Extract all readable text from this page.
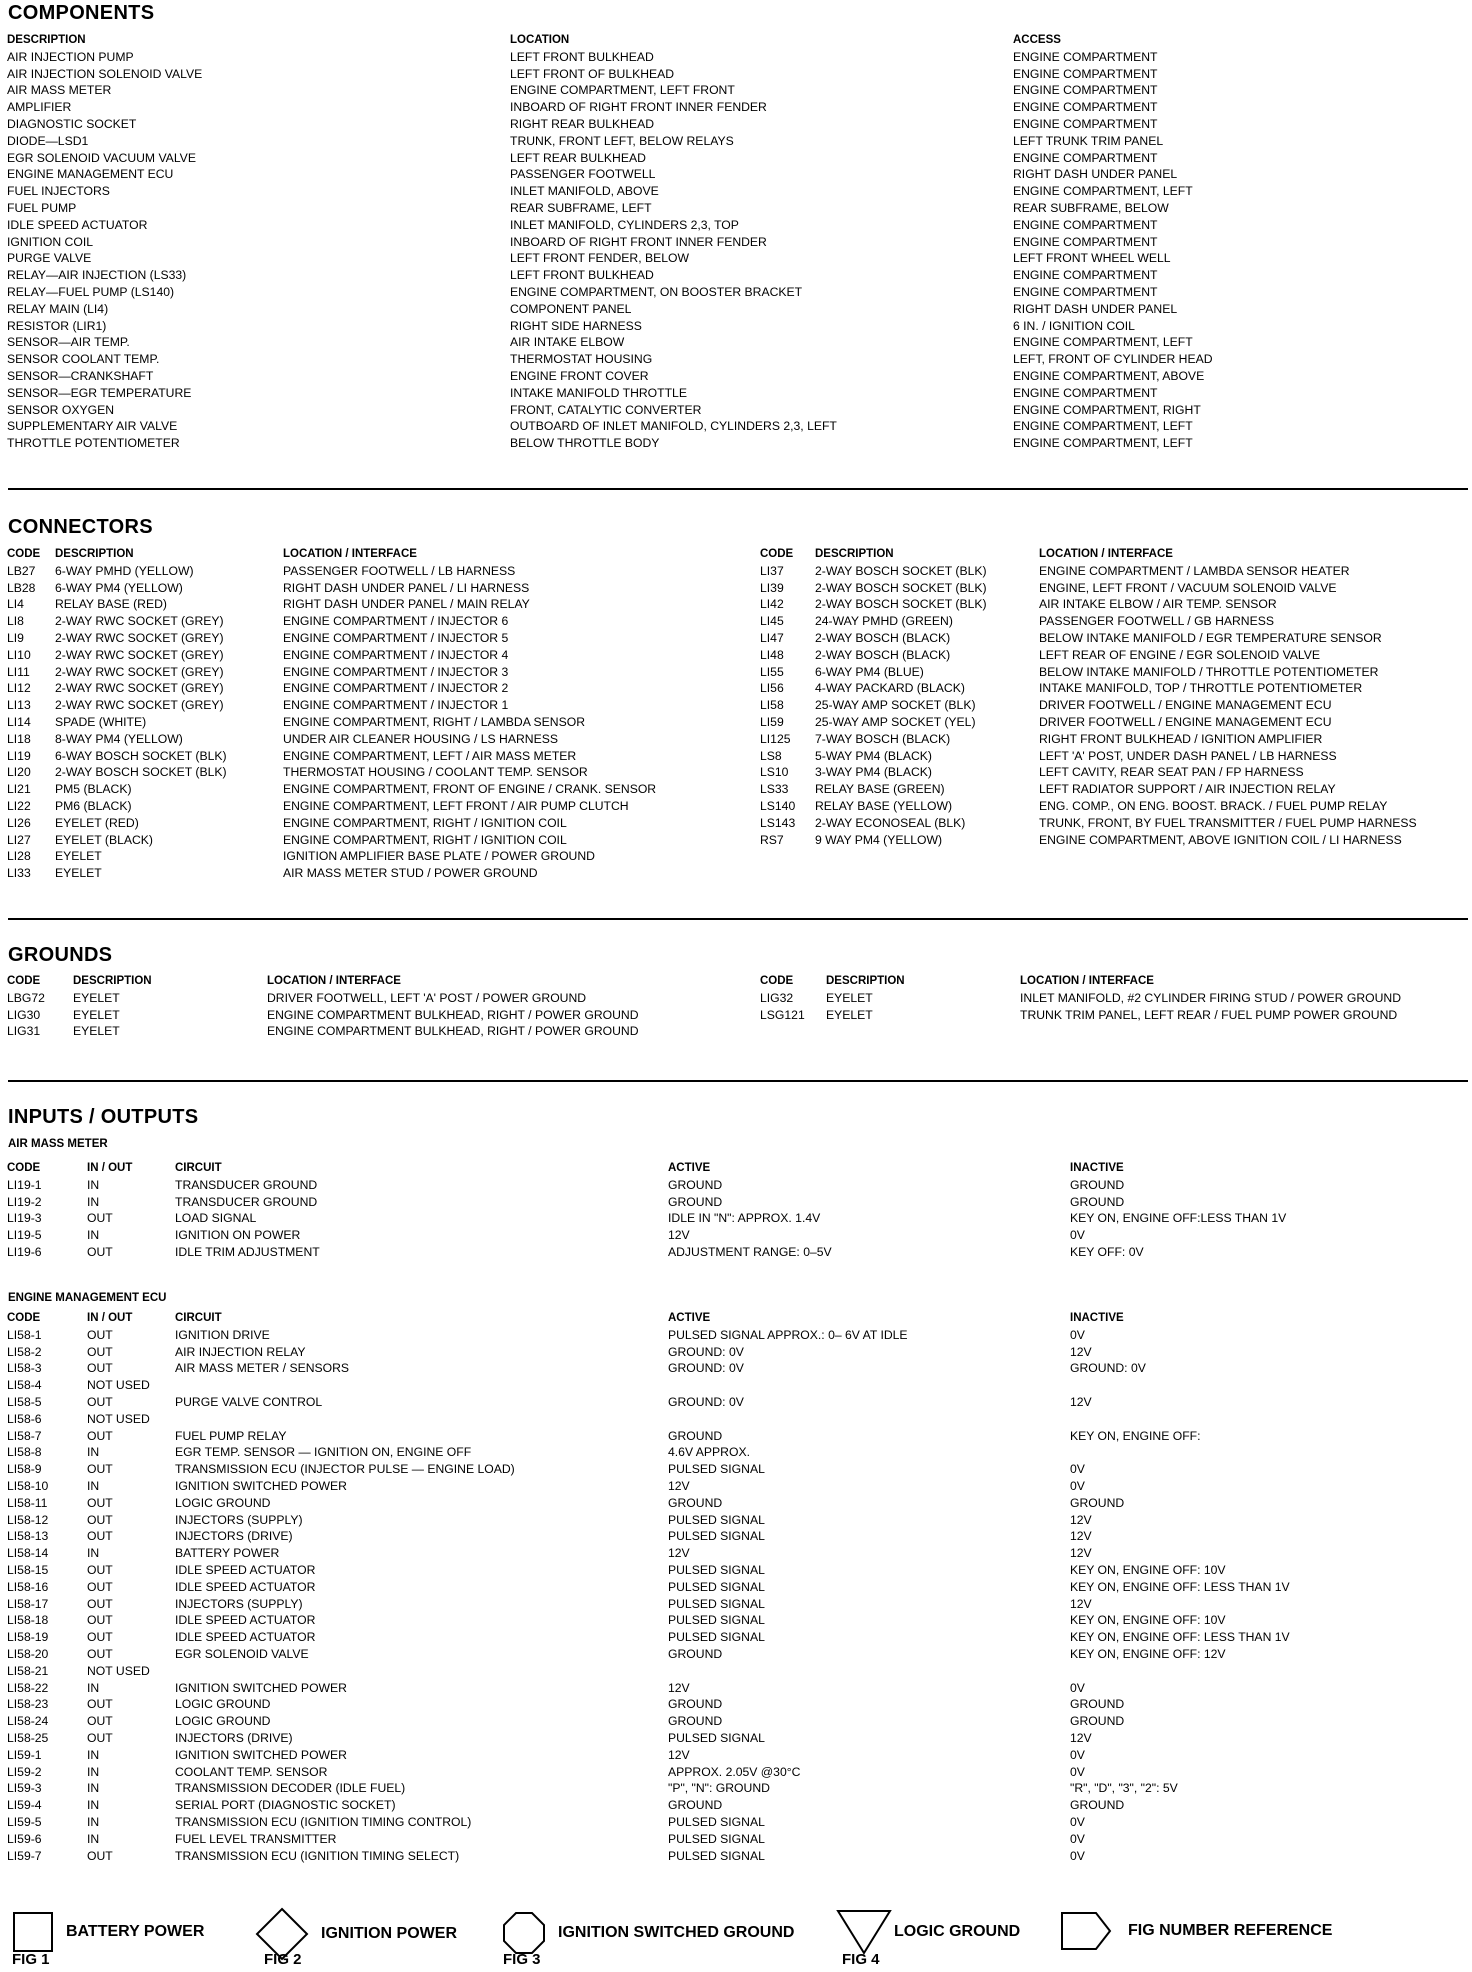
COMPONENTS
DESCRIPTION	LOCATION	ACCESS
AIR INJECTION PUMP	LEFT FRONT BULKHEAD	ENGINE COMPARTMENT
AIR INJECTION SOLENOID VALVE	LEFT FRONT OF BULKHEAD	ENGINE COMPARTMENT
AIR MASS METER	ENGINE COMPARTMENT, LEFT FRONT	ENGINE COMPARTMENT
AMPLIFIER	INBOARD OF RIGHT FRONT INNER FENDER	ENGINE COMPARTMENT
DIAGNOSTIC SOCKET	RIGHT REAR BULKHEAD	ENGINE COMPARTMENT
DIODE—LSD1	TRUNK, FRONT LEFT, BELOW RELAYS	LEFT TRUNK TRIM PANEL
EGR SOLENOID VACUUM VALVE	LEFT REAR BULKHEAD	ENGINE COMPARTMENT
ENGINE MANAGEMENT ECU	PASSENGER FOOTWELL	RIGHT DASH UNDER PANEL
FUEL INJECTORS	INLET MANIFOLD, ABOVE	ENGINE COMPARTMENT, LEFT
FUEL PUMP	REAR SUBFRAME, LEFT	REAR SUBFRAME, BELOW
IDLE SPEED ACTUATOR	INLET MANIFOLD, CYLINDERS 2,3, TOP	ENGINE COMPARTMENT
IGNITION COIL	INBOARD OF RIGHT FRONT INNER FENDER	ENGINE COMPARTMENT
PURGE VALVE	LEFT FRONT FENDER, BELOW	LEFT FRONT WHEEL WELL
RELAY—AIR INJECTION (LS33)	LEFT FRONT BULKHEAD	ENGINE COMPARTMENT
RELAY—FUEL PUMP (LS140)	ENGINE COMPARTMENT, ON BOOSTER BRACKET	ENGINE COMPARTMENT
RELAY MAIN (LI4)	COMPONENT PANEL	RIGHT DASH UNDER PANEL
RESISTOR (LIR1)	RIGHT SIDE HARNESS	6 IN. / IGNITION COIL
SENSOR—AIR TEMP.	AIR INTAKE ELBOW	ENGINE COMPARTMENT, LEFT
SENSOR COOLANT TEMP.	THERMOSTAT HOUSING	LEFT, FRONT OF CYLINDER HEAD
SENSOR—CRANKSHAFT	ENGINE FRONT COVER	ENGINE COMPARTMENT, ABOVE
SENSOR—EGR TEMPERATURE	INTAKE MANIFOLD THROTTLE	ENGINE COMPARTMENT
SENSOR OXYGEN	FRONT, CATALYTIC CONVERTER	ENGINE COMPARTMENT, RIGHT
SUPPLEMENTARY AIR VALVE	OUTBOARD OF INLET MANIFOLD, CYLINDERS 2,3, LEFT	ENGINE COMPARTMENT, LEFT
THROTTLE POTENTIOMETER	BELOW THROTTLE BODY	ENGINE COMPARTMENT, LEFT
CONNECTORS
CODE	DESCRIPTION	LOCATION / INTERFACE
LB27	6-WAY PMHD (YELLOW)	PASSENGER FOOTWELL / LB HARNESS
LB28	6-WAY PM4 (YELLOW)	RIGHT DASH UNDER PANEL / LI HARNESS
LI4	RELAY BASE (RED)	RIGHT DASH UNDER PANEL / MAIN RELAY
LI8	2-WAY RWC SOCKET (GREY)	ENGINE COMPARTMENT / INJECTOR 6
LI9	2-WAY RWC SOCKET (GREY)	ENGINE COMPARTMENT / INJECTOR 5
LI10	2-WAY RWC SOCKET (GREY)	ENGINE COMPARTMENT / INJECTOR 4
LI11	2-WAY RWC SOCKET (GREY)	ENGINE COMPARTMENT / INJECTOR 3
LI12	2-WAY RWC SOCKET (GREY)	ENGINE COMPARTMENT / INJECTOR 2
LI13	2-WAY RWC SOCKET (GREY)	ENGINE COMPARTMENT / INJECTOR 1
LI14	SPADE (WHITE)	ENGINE COMPARTMENT, RIGHT / LAMBDA SENSOR
LI18	8-WAY PM4 (YELLOW)	UNDER AIR CLEANER HOUSING / LS HARNESS
LI19	6-WAY BOSCH SOCKET (BLK)	ENGINE COMPARTMENT, LEFT / AIR MASS METER
LI20	2-WAY BOSCH SOCKET (BLK)	THERMOSTAT HOUSING / COOLANT TEMP. SENSOR
LI21	PM5 (BLACK)	ENGINE COMPARTMENT, FRONT OF ENGINE / CRANK. SENSOR
LI22	PM6 (BLACK)	ENGINE COMPARTMENT, LEFT FRONT / AIR PUMP CLUTCH
LI26	EYELET (RED)	ENGINE COMPARTMENT, RIGHT / IGNITION COIL
LI27	EYELET (BLACK)	ENGINE COMPARTMENT, RIGHT / IGNITION COIL
LI28	EYELET	IGNITION AMPLIFIER BASE PLATE / POWER GROUND
LI33	EYELET	AIR MASS METER STUD / POWER GROUND
CODE	DESCRIPTION	LOCATION / INTERFACE
LI37	2-WAY BOSCH SOCKET (BLK)	ENGINE COMPARTMENT / LAMBDA SENSOR HEATER
LI39	2-WAY BOSCH SOCKET (BLK)	ENGINE, LEFT FRONT / VACUUM SOLENOID VALVE
LI42	2-WAY BOSCH SOCKET (BLK)	AIR INTAKE ELBOW / AIR TEMP. SENSOR
LI45	24-WAY PMHD (GREEN)	PASSENGER FOOTWELL / GB HARNESS
LI47	2-WAY BOSCH (BLACK)	BELOW INTAKE MANIFOLD / EGR TEMPERATURE SENSOR
LI48	2-WAY BOSCH (BLACK)	LEFT REAR OF ENGINE / EGR SOLENOID VALVE
LI55	6-WAY PM4 (BLUE)	BELOW INTAKE MANIFOLD / THROTTLE POTENTIOMETER
LI56	4-WAY PACKARD (BLACK)	INTAKE MANIFOLD, TOP / THROTTLE POTENTIOMETER
LI58	25-WAY AMP SOCKET (BLK)	DRIVER FOOTWELL / ENGINE MANAGEMENT ECU
LI59	25-WAY AMP SOCKET (YEL)	DRIVER FOOTWELL / ENGINE MANAGEMENT ECU
LI125	7-WAY BOSCH (BLACK)	RIGHT FRONT BULKHEAD / IGNITION AMPLIFIER
LS8	5-WAY PM4 (BLACK)	LEFT 'A' POST, UNDER DASH PANEL / LB HARNESS
LS10	3-WAY PM4 (BLACK)	LEFT CAVITY, REAR SEAT PAN / FP HARNESS
LS33	RELAY BASE (GREEN)	LEFT RADIATOR SUPPORT / AIR INJECTION RELAY
LS140	RELAY BASE (YELLOW)	ENG. COMP., ON ENG. BOOST. BRACK. / FUEL PUMP RELAY
LS143	2-WAY ECONOSEAL (BLK)	TRUNK, FRONT, BY FUEL TRANSMITTER / FUEL PUMP HARNESS
RS7	9 WAY PM4 (YELLOW)	ENGINE COMPARTMENT, ABOVE IGNITION COIL / LI HARNESS
GROUNDS
CODE	DESCRIPTION	LOCATION / INTERFACE
LBG72	EYELET	DRIVER FOOTWELL, LEFT 'A' POST / POWER GROUND
LIG30	EYELET	ENGINE COMPARTMENT BULKHEAD, RIGHT / POWER GROUND
LIG31	EYELET	ENGINE COMPARTMENT BULKHEAD, RIGHT / POWER GROUND
CODE	DESCRIPTION	LOCATION / INTERFACE
LIG32	EYELET	INLET MANIFOLD, #2 CYLINDER FIRING STUD / POWER GROUND
LSG121	EYELET	TRUNK TRIM PANEL, LEFT REAR / FUEL PUMP POWER GROUND
INPUTS / OUTPUTS
AIR MASS METER
CODE	IN / OUT	CIRCUIT	ACTIVE	INACTIVE
LI19-1	IN	TRANSDUCER GROUND	GROUND	GROUND
LI19-2	IN	TRANSDUCER GROUND	GROUND	GROUND
LI19-3	OUT	LOAD SIGNAL	IDLE IN "N": APPROX. 1.4V	KEY ON, ENGINE OFF:LESS THAN 1V
LI19-5	IN	IGNITION ON POWER	12V	0V
LI19-6	OUT	IDLE TRIM ADJUSTMENT	ADJUSTMENT RANGE: 0–5V	KEY OFF: 0V
ENGINE MANAGEMENT ECU
CODE	IN / OUT	CIRCUIT	ACTIVE	INACTIVE
LI58-1	OUT	IGNITION DRIVE	PULSED SIGNAL APPROX.: 0– 6V AT IDLE	0V
LI58-2	OUT	AIR INJECTION RELAY	GROUND: 0V	12V
LI58-3	OUT	AIR MASS METER / SENSORS	GROUND: 0V	GROUND: 0V
LI58-4	NOT USED
LI58-5	OUT	PURGE VALVE CONTROL	GROUND: 0V	12V
LI58-6	NOT USED
LI58-7	OUT	FUEL PUMP RELAY	GROUND	KEY ON, ENGINE OFF:
LI58-8	IN	EGR TEMP. SENSOR — IGNITION ON, ENGINE OFF	4.6V APPROX.
LI58-9	OUT	TRANSMISSION ECU (INJECTOR PULSE — ENGINE LOAD)	PULSED SIGNAL	0V
LI58-10	IN	IGNITION SWITCHED POWER	12V	0V
LI58-11	OUT	LOGIC GROUND	GROUND	GROUND
LI58-12	OUT	INJECTORS (SUPPLY)	PULSED SIGNAL	12V
LI58-13	OUT	INJECTORS (DRIVE)	PULSED SIGNAL	12V
LI58-14	IN	BATTERY POWER	12V	12V
LI58-15	OUT	IDLE SPEED ACTUATOR	PULSED SIGNAL	KEY ON, ENGINE OFF: 10V
LI58-16	OUT	IDLE SPEED ACTUATOR	PULSED SIGNAL	KEY ON, ENGINE OFF: LESS THAN 1V
LI58-17	OUT	INJECTORS (SUPPLY)	PULSED SIGNAL	12V
LI58-18	OUT	IDLE SPEED ACTUATOR	PULSED SIGNAL	KEY ON, ENGINE OFF: 10V
LI58-19	OUT	IDLE SPEED ACTUATOR	PULSED SIGNAL	KEY ON, ENGINE OFF: LESS THAN 1V
LI58-20	OUT	EGR SOLENOID VALVE	GROUND	KEY ON, ENGINE OFF: 12V
LI58-21	NOT USED
LI58-22	IN	IGNITION SWITCHED POWER	12V	0V
LI58-23	OUT	LOGIC GROUND	GROUND	GROUND
LI58-24	OUT	LOGIC GROUND	GROUND	GROUND
LI58-25	OUT	INJECTORS (DRIVE)	PULSED SIGNAL	12V
LI59-1	IN	IGNITION SWITCHED POWER	12V	0V
LI59-2	IN	COOLANT TEMP. SENSOR	APPROX. 2.05V @30°C	0V
LI59-3	IN	TRANSMISSION DECODER (IDLE FUEL)	"P", "N": GROUND	"R", "D", "3", "2": 5V
LI59-4	IN	SERIAL PORT (DIAGNOSTIC SOCKET)	GROUND	GROUND
LI59-5	IN	TRANSMISSION ECU (IGNITION TIMING CONTROL)	PULSED SIGNAL	0V
LI59-6	IN	FUEL LEVEL TRANSMITTER	PULSED SIGNAL	0V
LI59-7	OUT	TRANSMISSION ECU (IGNITION TIMING SELECT)	PULSED SIGNAL	0V
BATTERY POWER	IGNITION POWER	IGNITION SWITCHED GROUND	LOGIC GROUND	FIG NUMBER REFERENCE
FIG 1	FIG 2	FIG 3	FIG 4
